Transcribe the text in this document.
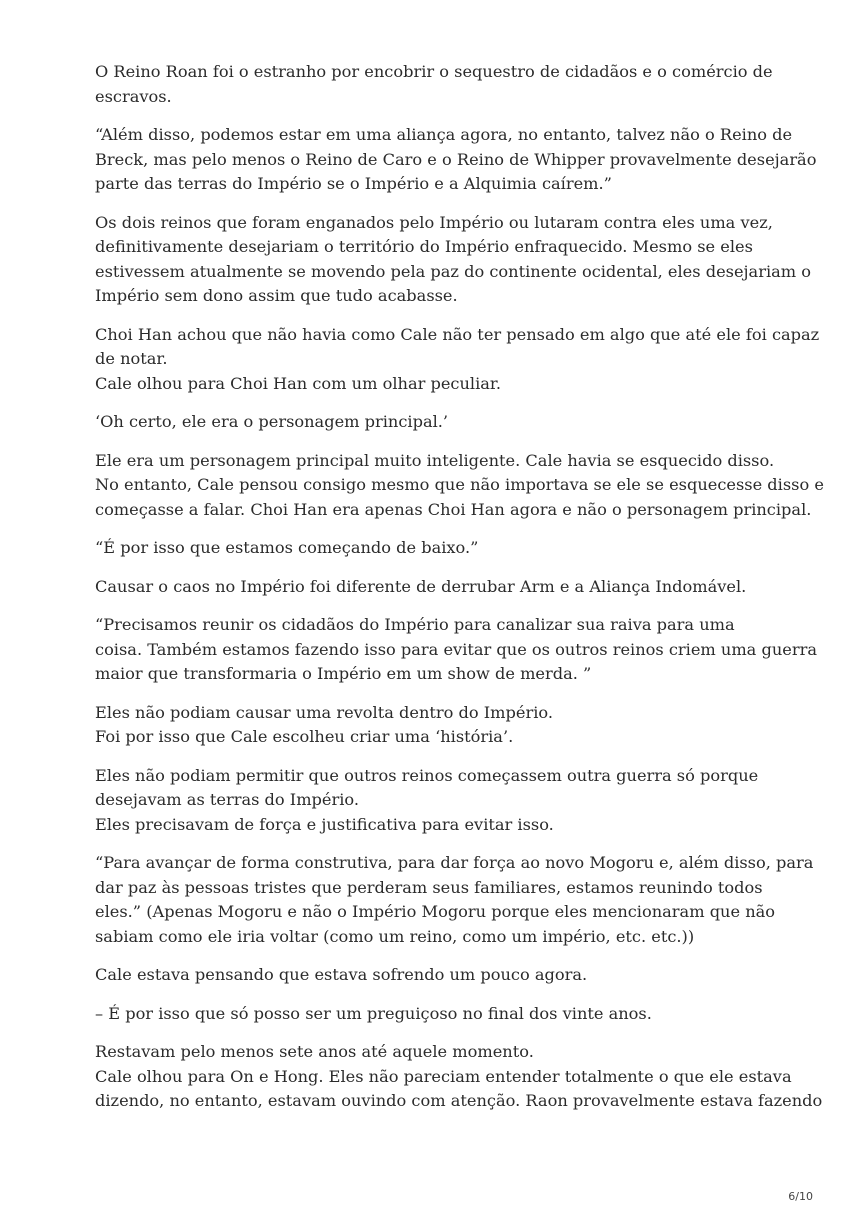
O Reino Roan foi o estranho por encobrir o sequestro de cidadãos e o comércio de
escravos.

“Além disso, podemos estar em uma aliança agora, no entanto, talvez não o Reino de
Breck, mas pelo menos o Reino de Caro e o Reino de Whipper provavelmente desejarão
parte das terras do Império se o Império e a Alquimia caírem.”

Os dois reinos que foram enganados pelo Império ou lutaram contra eles uma vez,
definitivamente desejariam o território do Império enfraquecido. Mesmo se eles
estivessem atualmente se movendo pela paz do continente ocidental, eles desejariam o
Império sem dono assim que tudo acabasse.

Choi Han achou que não havia como Cale não ter pensado em algo que até ele foi capaz
de notar.
Cale olhou para Choi Han com um olhar peculiar.

‘Oh certo, ele era o personagem principal.’

Ele era um personagem principal muito inteligente. Cale havia se esquecido disso.
No entanto, Cale pensou consigo mesmo que não importava se ele se esquecesse disso e
começasse a falar. Choi Han era apenas Choi Han agora e não o personagem principal.

“É por isso que estamos começando de baixo.”

Causar o caos no Império foi diferente de derrubar Arm e a Aliança Indomável.

“Precisamos reunir os cidadãos do Império para canalizar sua raiva para uma
coisa. Também estamos fazendo isso para evitar que os outros reinos criem uma guerra
maior que transformaria o Império em um show de merda. ”

Eles não podiam causar uma revolta dentro do Império.
Foi por isso que Cale escolheu criar uma ‘história’.

Eles não podiam permitir que outros reinos começassem outra guerra só porque
desejavam as terras do Império.
Eles precisavam de força e justificativa para evitar isso.

“Para avançar de forma construtiva, para dar força ao novo Mogoru e, além disso, para
dar paz às pessoas tristes que perderam seus familiares, estamos reunindo todos
eles.” (Apenas Mogoru e não o Império Mogoru porque eles mencionaram que não
sabiam como ele iria voltar (como um reino, como um império, etc. etc.))

Cale estava pensando que estava sofrendo um pouco agora.

– É por isso que só posso ser um preguiçoso no final dos vinte anos.

Restavam pelo menos sete anos até aquele momento.
Cale olhou para On e Hong. Eles não pareciam entender totalmente o que ele estava
dizendo, no entanto, estavam ouvindo com atenção. Raon provavelmente estava fazendo

6/10
